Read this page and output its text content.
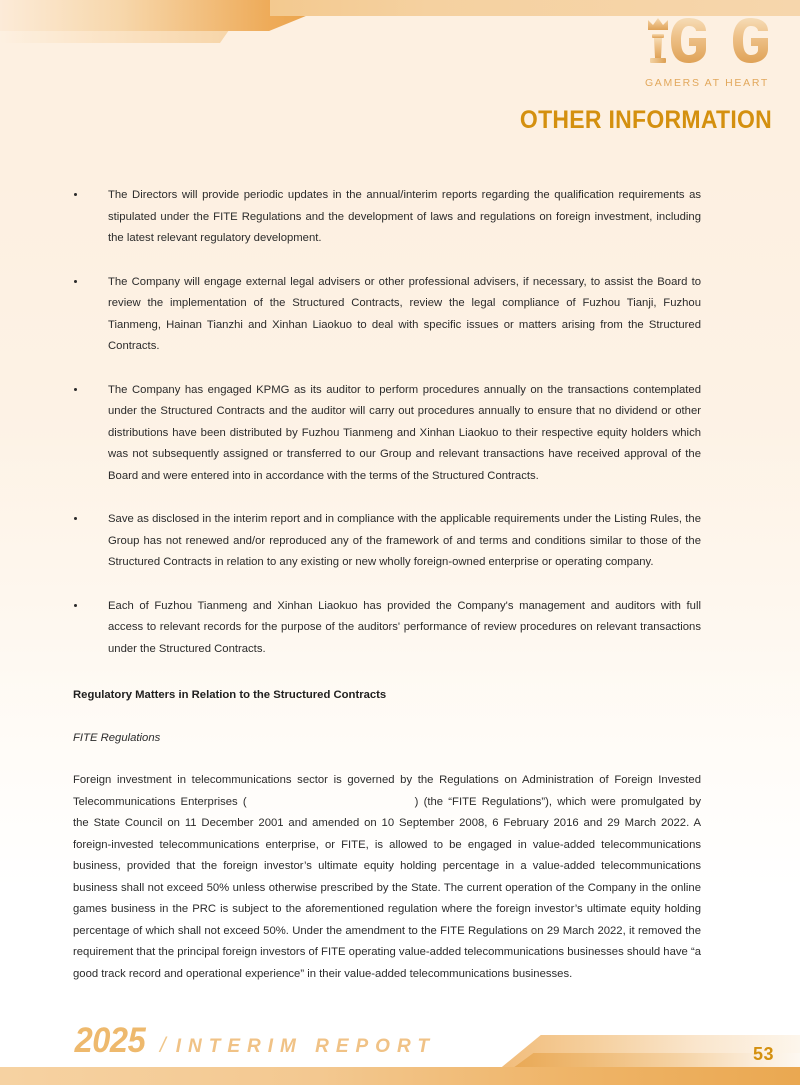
GAMERS AT HEART
OTHER INFORMATION
The Directors will provide periodic updates in the annual/interim reports regarding the qualification requirements as stipulated under the FITE Regulations and the development of laws and regulations on foreign investment, including the latest relevant regulatory development.
The Company will engage external legal advisers or other professional advisers, if necessary, to assist the Board to review the implementation of the Structured Contracts, review the legal compliance of Fuzhou Tianji, Fuzhou Tianmeng, Hainan Tianzhi and Xinhan Liaokuo to deal with specific issues or matters arising from the Structured Contracts.
The Company has engaged KPMG as its auditor to perform procedures annually on the transactions contemplated under the Structured Contracts and the auditor will carry out procedures annually to ensure that no dividend or other distributions have been distributed by Fuzhou Tianmeng and Xinhan Liaokuo to their respective equity holders which was not subsequently assigned or transferred to our Group and relevant transactions have received approval of the Board and were entered into in accordance with the terms of the Structured Contracts.
Save as disclosed in the interim report and in compliance with the applicable requirements under the Listing Rules, the Group has not renewed and/or reproduced any of the framework of and terms and conditions similar to those of the Structured Contracts in relation to any existing or new wholly foreign-owned enterprise or operating company.
Each of Fuzhou Tianmeng and Xinhan Liaokuo has provided the Company's management and auditors with full access to relevant records for the purpose of the auditors' performance of review procedures on relevant transactions under the Structured Contracts.
Regulatory Matters in Relation to the Structured Contracts
FITE Regulations

Foreign investment in telecommunications sector is governed by the Regulations on Administration of Foreign Invested Telecommunications Enterprises (	) (the “FITE Regulations”), which were promulgated by the State Council on 11 December 2001 and amended on 10 September 2008, 6 February 2016 and 29 March 2022. A foreign-invested telecommunications enterprise, or FITE, is allowed to be engaged in value-added telecommunications business, provided that the foreign investor’s ultimate equity holding percentage in a value-added telecommunications business shall not exceed 50% unless otherwise prescribed by the State. The current operation of the Company in the online games business in the PRC is subject to the aforementioned regulation where the foreign investor’s ultimate equity holding percentage of which shall not exceed 50%. Under the amendment to the FITE Regulations on 29 March 2022, it removed the requirement that the principal foreign investors of FITE operating value-added telecommunications businesses should have “a good track record and operational experience” in their value-added telecommunications businesses.

2025 / INTERIM REPORT	53
